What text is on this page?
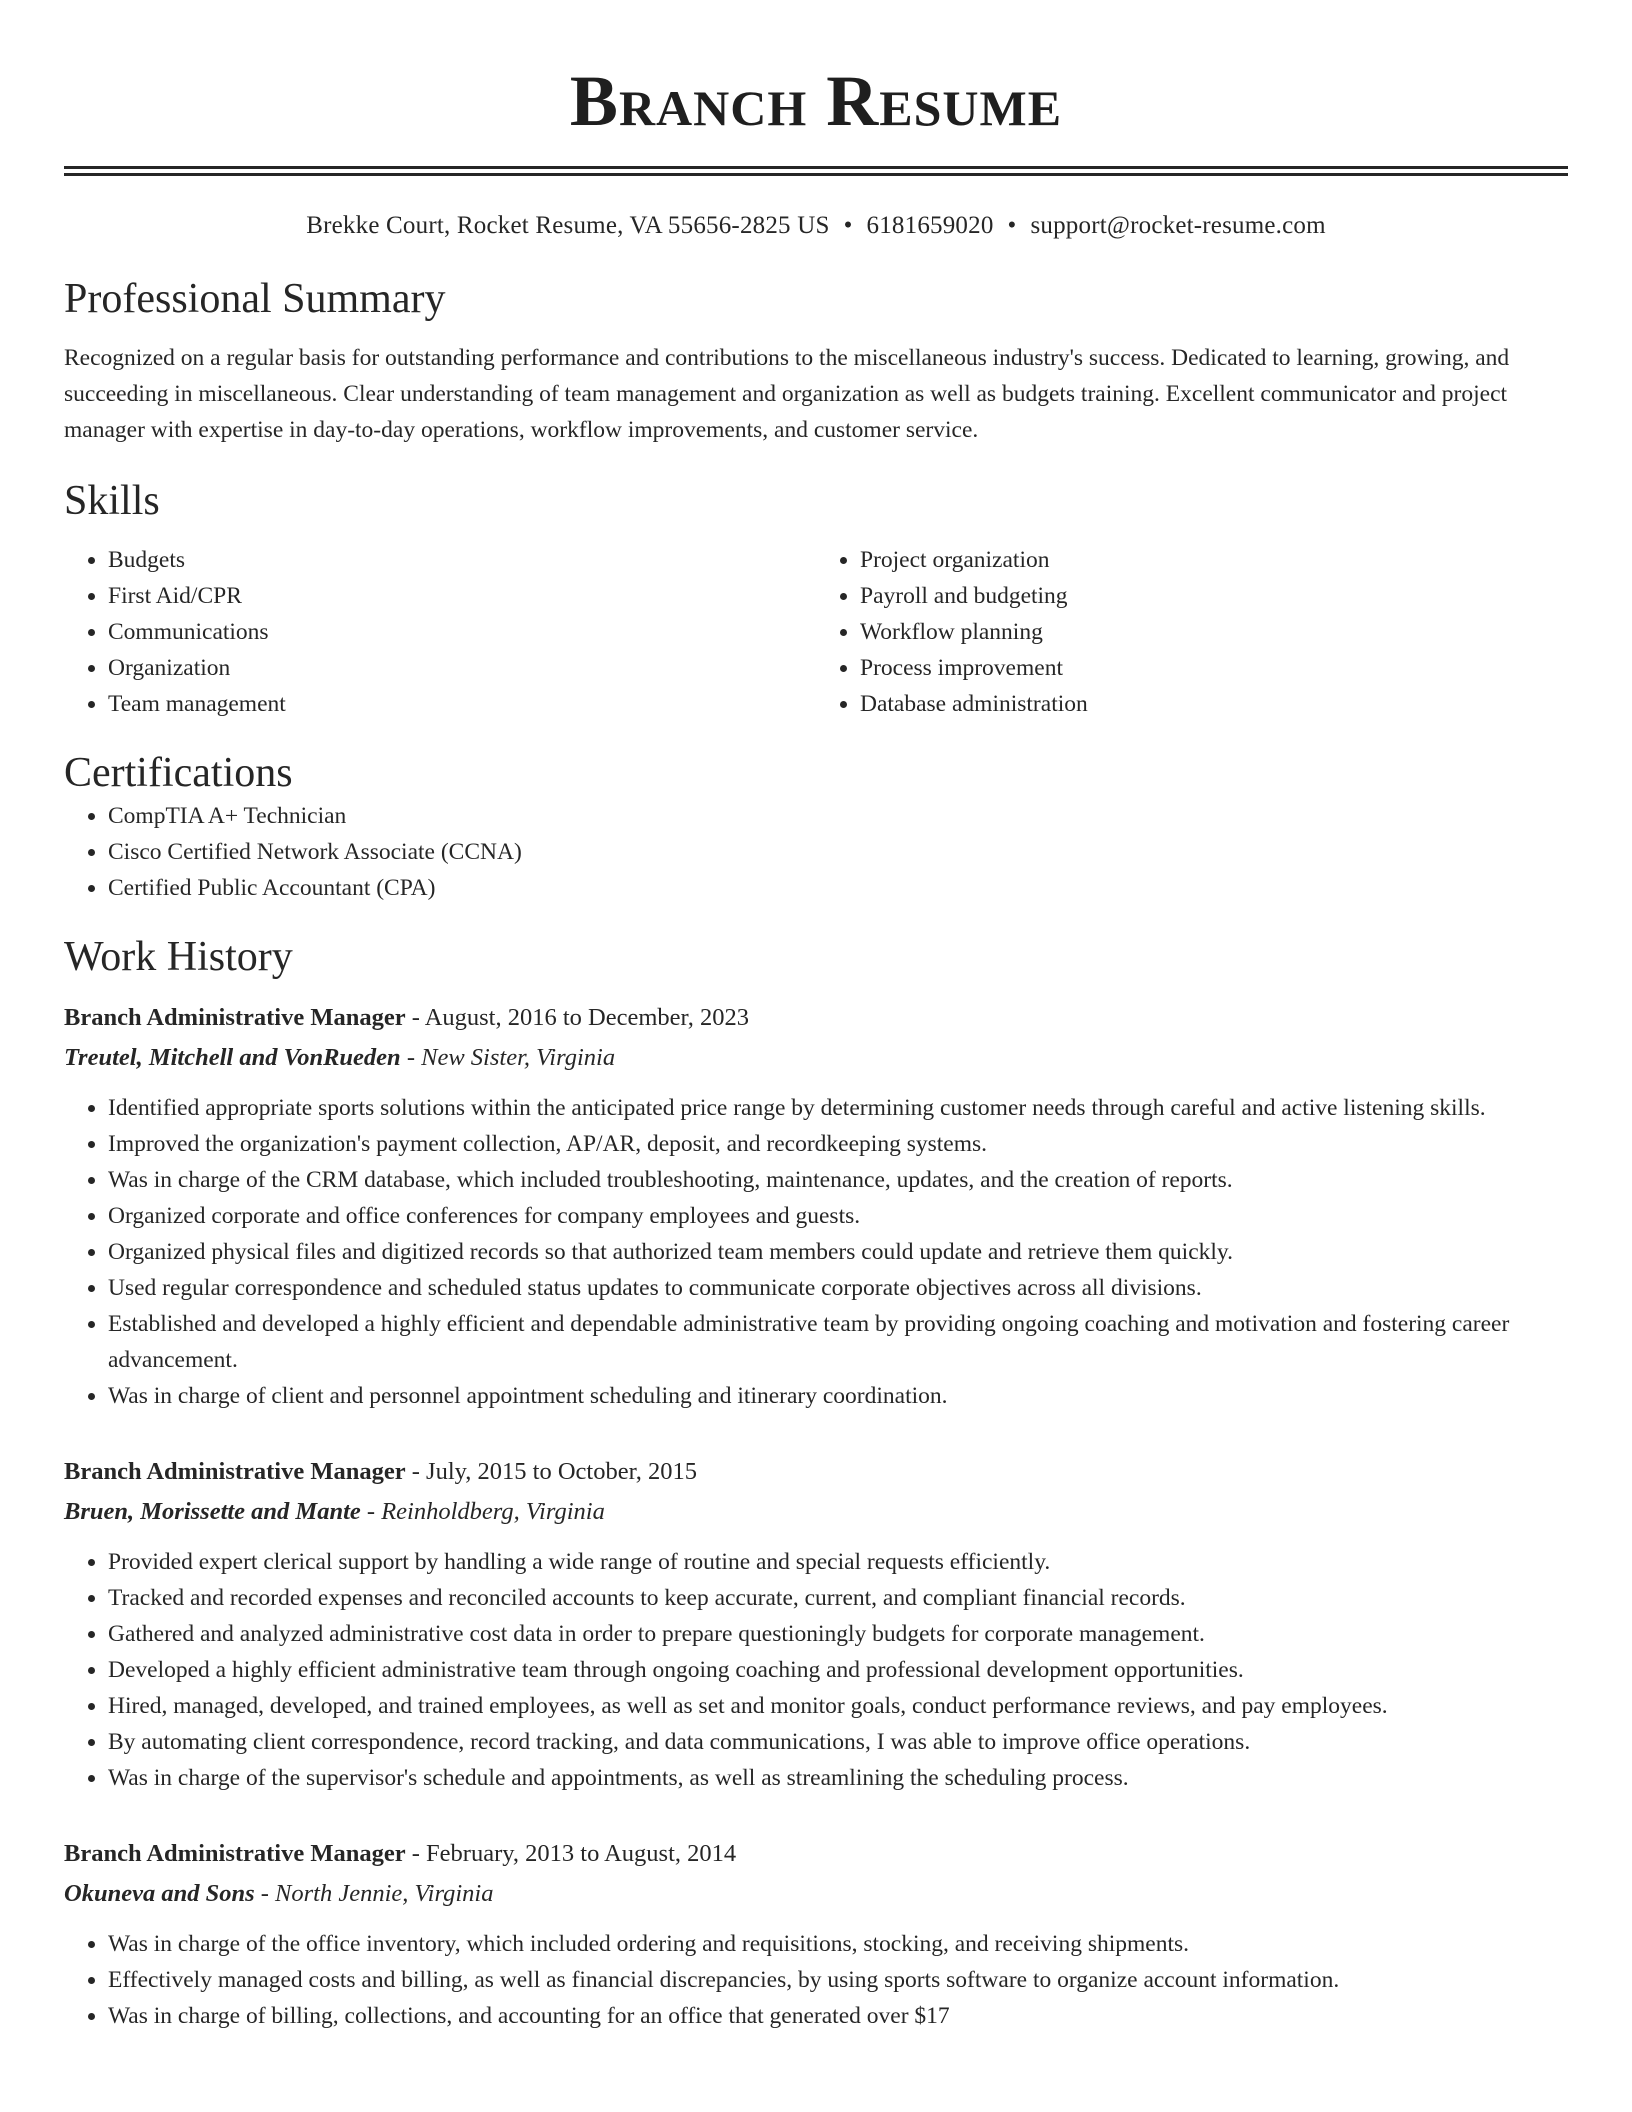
Branch Resume
Brekke Court, Rocket Resume, VA 55656-2825 US • 6181659020 • support@rocket-resume.com
Professional Summary

Recognized on a regular basis for outstanding performance and contributions to the miscellaneous industry's success. Dedicated to learning, growing, and succeeding in miscellaneous. Clear understanding of team management and organization as well as budgets training. Excellent communicator and project manager with expertise in day-to-day operations, workflow improvements, and customer service.

Skills
• Budgets
• First Aid/CPR
• Communications
• Organization
• Team management
• Project organization
• Payroll and budgeting
• Workflow planning
• Process improvement
• Database administration
Certifications
• CompTIA A+ Technician
• Cisco Certified Network Associate (CCNA)
• Certified Public Accountant (CPA)
Work History
Branch Administrative Manager - August, 2016 to December, 2023
Treutel, Mitchell and VonRueden - New Sister, Virginia
• Identified appropriate sports solutions within the anticipated price range by determining customer needs through careful and active listening skills.
• Improved the organization's payment collection, AP/AR, deposit, and recordkeeping systems.
• Was in charge of the CRM database, which included troubleshooting, maintenance, updates, and the creation of reports.
• Organized corporate and office conferences for company employees and guests.
• Organized physical files and digitized records so that authorized team members could update and retrieve them quickly.
• Used regular correspondence and scheduled status updates to communicate corporate objectives across all divisions.
• Established and developed a highly efficient and dependable administrative team by providing ongoing coaching and motivation and fostering career advancement.
• Was in charge of client and personnel appointment scheduling and itinerary coordination.
Branch Administrative Manager - July, 2015 to October, 2015
Bruen, Morissette and Mante - Reinholdberg, Virginia
• Provided expert clerical support by handling a wide range of routine and special requests efficiently.
• Tracked and recorded expenses and reconciled accounts to keep accurate, current, and compliant financial records.
• Gathered and analyzed administrative cost data in order to prepare questioningly budgets for corporate management.
• Developed a highly efficient administrative team through ongoing coaching and professional development opportunities.
• Hired, managed, developed, and trained employees, as well as set and monitor goals, conduct performance reviews, and pay employees.
• By automating client correspondence, record tracking, and data communications, I was able to improve office operations.
• Was in charge of the supervisor's schedule and appointments, as well as streamlining the scheduling process.
Branch Administrative Manager - February, 2013 to August, 2014
Okuneva and Sons - North Jennie, Virginia
• Was in charge of the office inventory, which included ordering and requisitions, stocking, and receiving shipments.
• Effectively managed costs and billing, as well as financial discrepancies, by using sports software to organize account information.
• Was in charge of billing, collections, and accounting for an office that generated over $17
